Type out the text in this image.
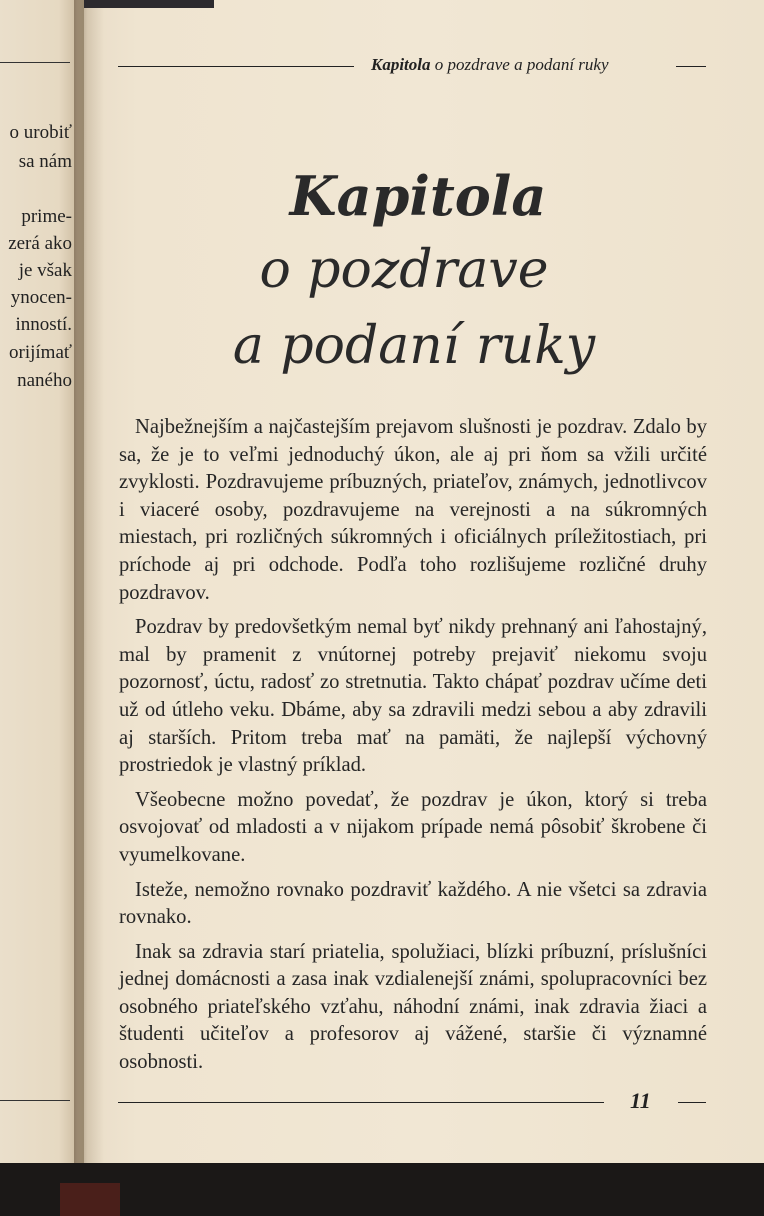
o urobiť
sa nám
prime-
zerá ako
je však
ynocen-
inností.
orijímať
naného
Kapitola o pozdrave a podaní ruky
Kapitola
o pozdrave
a podaní ruky

Najbežnejším a najčastejším prejavom slušnosti je pozdrav. Zdalo by sa, že je to veľmi jednoduchý úkon, ale aj pri ňom sa vžili určité zvyklosti. Pozdravujeme príbuzných, priateľov, známych, jednotlivcov i viaceré osoby, pozdravujeme na verejnosti a na súkromných miestach, pri rozličných súkromných i oficiálnych príležitostiach, pri príchode aj pri odchode. Podľa toho rozlišujeme rozličné druhy pozdravov.

Pozdrav by predovšetkým nemal byť nikdy prehnaný ani ľahostajný, mal by pramenit z vnútornej potreby prejaviť niekomu svoju pozornosť, úctu, radosť zo stretnutia. Takto chápať pozdrav učíme deti už od útleho veku. Dbáme, aby sa zdravili medzi sebou a aby zdravili aj starších. Pritom treba mať na pamäti, že najlepší výchovný prostriedok je vlastný príklad.

Všeobecne možno povedať, že pozdrav je úkon, ktorý si treba osvojovať od mladosti a v nijakom prípade nemá pôsobiť škrobene či vyumelkovane.

Isteže, nemožno rovnako pozdraviť každého. A nie všetci sa zdravia rovnako.

Inak sa zdravia starí priatelia, spolužiaci, blízki príbuzní, príslušníci jednej domácnosti a zasa inak vzdialenejší známi, spolupracovníci bez osobného priateľského vzťahu, náhodní známi, inak zdravia žiaci a študenti učiteľov a profesorov aj vážené, staršie či významné osobnosti.

11
